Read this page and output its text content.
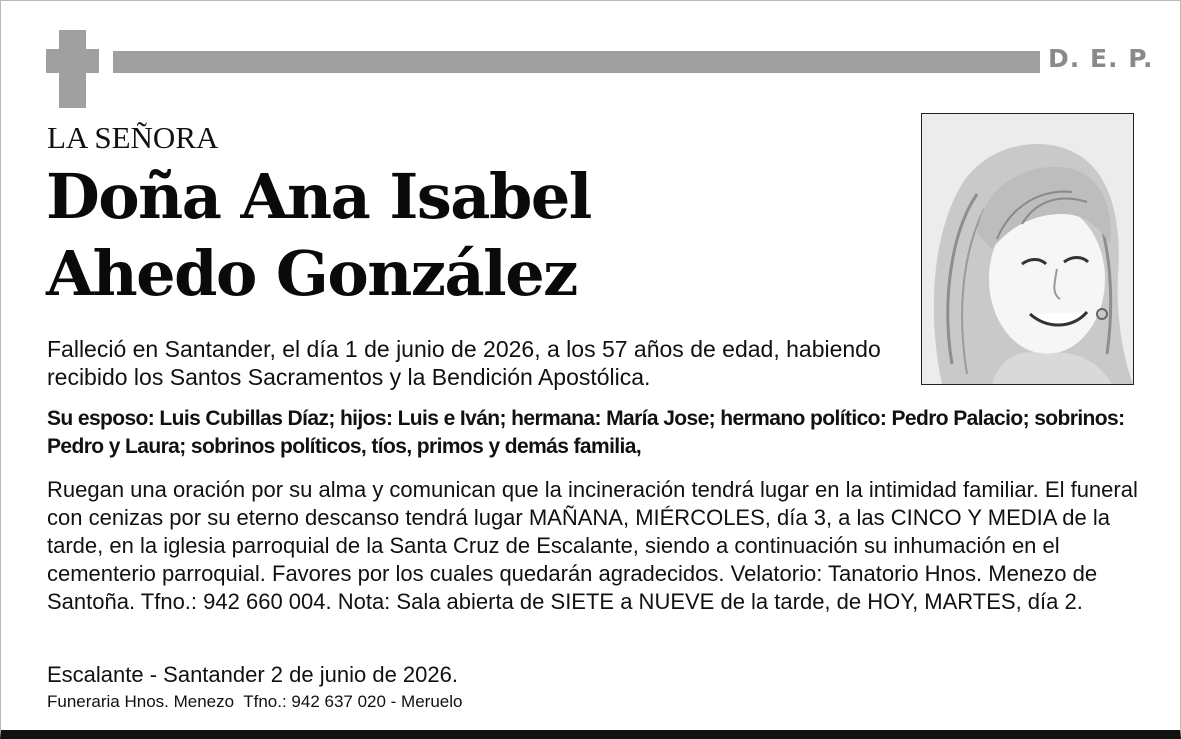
D. E. P.
LA SEÑORA
Doña Ana Isabel
Ahedo González
Falleció en Santander, el día 1 de junio de 2026, a los 57 años de edad, habiendo recibido los Santos Sacramentos y la Bendición Apostólica.
Su esposo: Luis Cubillas Díaz; hijos: Luis e Iván; hermana: María Jose; hermano político: Pedro Palacio; sobrinos: Pedro y Laura; sobrinos políticos, tíos, primos y demás familia,
Ruegan una oración por su alma y comunican que la incineración tendrá lugar en la intimidad familiar. El funeral con cenizas por su eterno descanso tendrá lugar MAÑANA, MIÉRCOLES, día 3, a las CINCO Y MEDIA de la tarde, en la iglesia parroquial de la Santa Cruz de Escalante, siendo a continuación su inhumación en el cementerio parroquial. Favores por los cuales quedarán agradecidos. Velatorio: Tanatorio Hnos. Menezo de Santoña. Tfno.: 942 660 004. Nota: Sala abierta de SIETE a NUEVE de la tarde, de HOY, MARTES, día 2.
Escalante - Santander 2 de junio de 2026.
Funeraria Hnos. Menezo  Tfno.: 942 637 020 - Meruelo
